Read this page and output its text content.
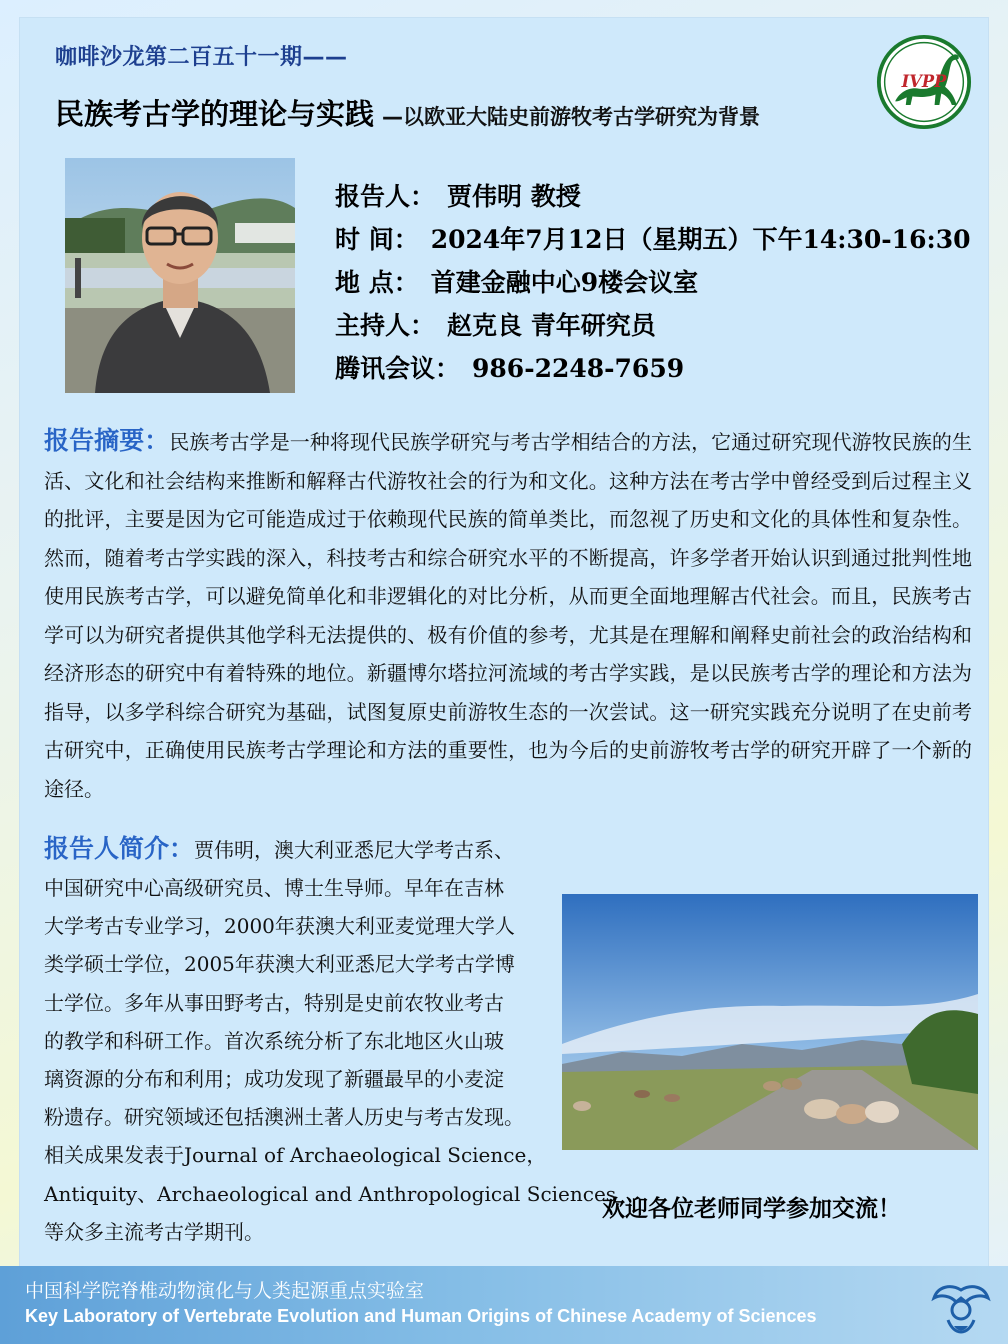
咖啡沙龙第二百五十一期——
民族考古学的理论与实践 —以欧亚大陆史前游牧考古学研究为背景
IVPP
报告人： 贾伟明 教授
时 间： 2024年7月12日（星期五）下午14:30-16:30
地 点： 首建金融中心9楼会议室
主持人： 赵克良 青年研究员
腾讯会议： 986-2248-7659
报告摘要：民族考古学是一种将现代民族学研究与考古学相结合的方法，它通过研究现代游牧民族的生活、文化和社会结构来推断和解释古代游牧社会的行为和文化。这种方法在考古学中曾经受到后过程主义的批评，主要是因为它可能造成过于依赖现代民族的简单类比，而忽视了历史和文化的具体性和复杂性。然而，随着考古学实践的深入，科技考古和综合研究水平的不断提高，许多学者开始认识到通过批判性地使用民族考古学，可以避免简单化和非逻辑化的对比分析，从而更全面地理解古代社会。而且，民族考古学可以为研究者提供其他学科无法提供的、极有价值的参考，尤其是在理解和阐释史前社会的政治结构和经济形态的研究中有着特殊的地位。新疆博尔塔拉河流域的考古学实践，是以民族考古学的理论和方法为指导，以多学科综合研究为基础，试图复原史前游牧生态的一次尝试。这一研究实践充分说明了在史前考古研究中，正确使用民族考古学理论和方法的重要性，也为今后的史前游牧考古学的研究开辟了一个新的途径。
报告人简介：贾伟明，澳大利亚悉尼大学考古系、
中国研究中心高级研究员、博士生导师。早年在吉林
大学考古专业学习，2000年获澳大利亚麦觉理大学人
类学硕士学位，2005年获澳大利亚悉尼大学考古学博
士学位。多年从事田野考古，特别是史前农牧业考古
的教学和科研工作。首次系统分析了东北地区火山玻
璃资源的分布和利用；成功发现了新疆最早的小麦淀
粉遗存。研究领域还包括澳洲土著人历史与考古发现。
相关成果发表于Journal of Archaeological Science，
Antiquity、Archaeological and Anthropological Sciences
等众多主流考古学期刊。
欢迎各位老师同学参加交流！
中国科学院脊椎动物演化与人类起源重点实验室
Key Laboratory of Vertebrate Evolution and Human Origins of Chinese Academy of Sciences
